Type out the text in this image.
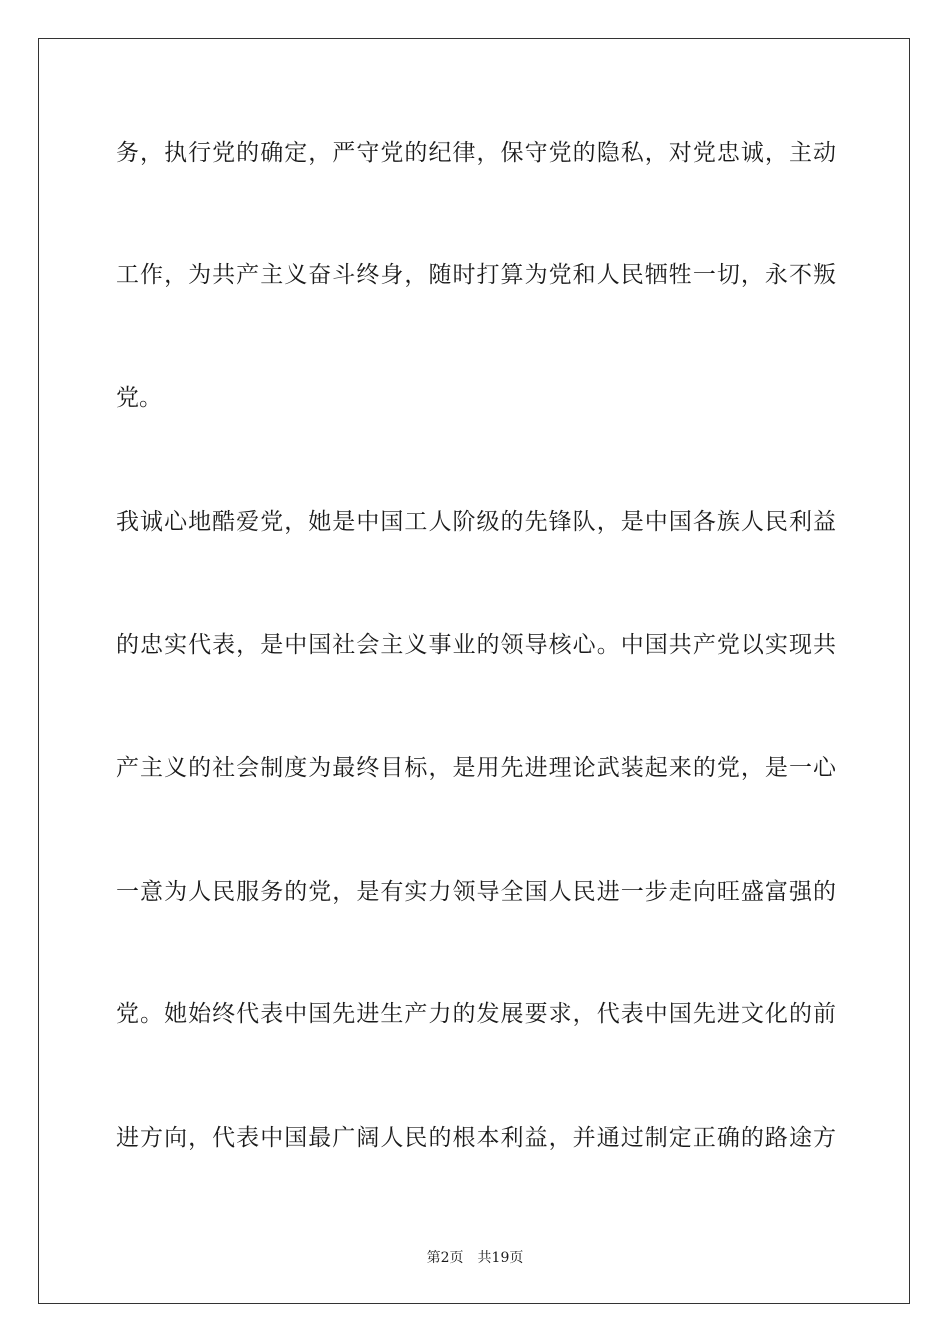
务，执行党的确定，严守党的纪律，保守党的隐私，对党忠诚，主动
工作，为共产主义奋斗终身，随时打算为党和人民牺牲一切，永不叛
党。
我诚心地酷爱党，她是中国工人阶级的先锋队，是中国各族人民利益
的忠实代表，是中国社会主义事业的领导核心。中国共产党以实现共
产主义的社会制度为最终目标，是用先进理论武装起来的党，是一心
一意为人民服务的党，是有实力领导全国人民进一步走向旺盛富强的
党。她始终代表中国先进生产力的发展要求，代表中国先进文化的前
进方向，代表中国最广阔人民的根本利益，并通过制定正确的路途方
第2页 共19页
